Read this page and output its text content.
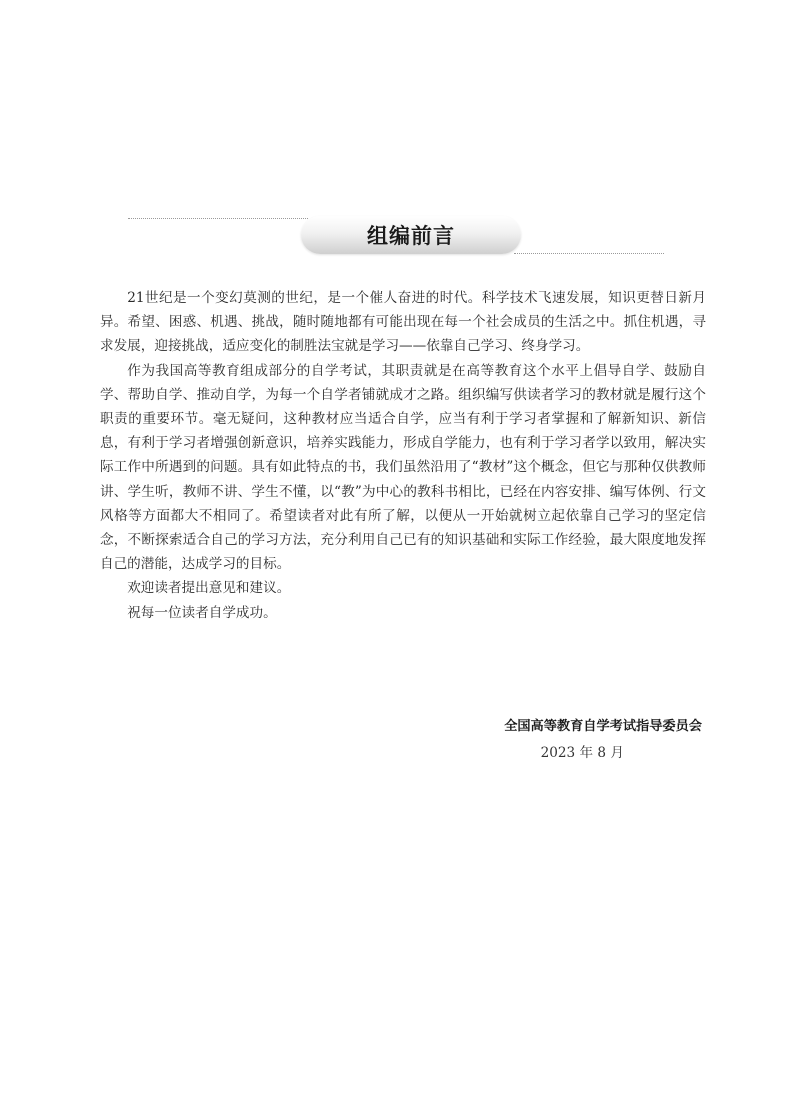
组编前言

21世纪是一个变幻莫测的世纪，是一个催人奋进的时代。科学技术飞速发展，知识更替日新月异。希望、困惑、机遇、挑战，随时随地都有可能出现在每一个社会成员的生活之中。抓住机遇，寻求发展，迎接挑战，适应变化的制胜法宝就是学习——依靠自己学习、终身学习。

作为我国高等教育组成部分的自学考试，其职责就是在高等教育这个水平上倡导自学、鼓励自学、帮助自学、推动自学，为每一个自学者铺就成才之路。组织编写供读者学习的教材就是履行这个职责的重要环节。毫无疑问，这种教材应当适合自学，应当有利于学习者掌握和了解新知识、新信息，有利于学习者增强创新意识，培养实践能力，形成自学能力，也有利于学习者学以致用，解决实际工作中所遇到的问题。具有如此特点的书，我们虽然沿用了“教材”这个概念，但它与那种仅供教师讲、学生听，教师不讲、学生不懂，以“教”为中心的教科书相比，已经在内容安排、编写体例、行文风格等方面都大不相同了。希望读者对此有所了解，以便从一开始就树立起依靠自己学习的坚定信念，不断探索适合自己的学习方法，充分利用自己已有的知识基础和实际工作经验，最大限度地发挥自己的潜能，达成学习的目标。

欢迎读者提出意见和建议。

祝每一位读者自学成功。

全国高等教育自学考试指导委员会
2023 年 8 月
